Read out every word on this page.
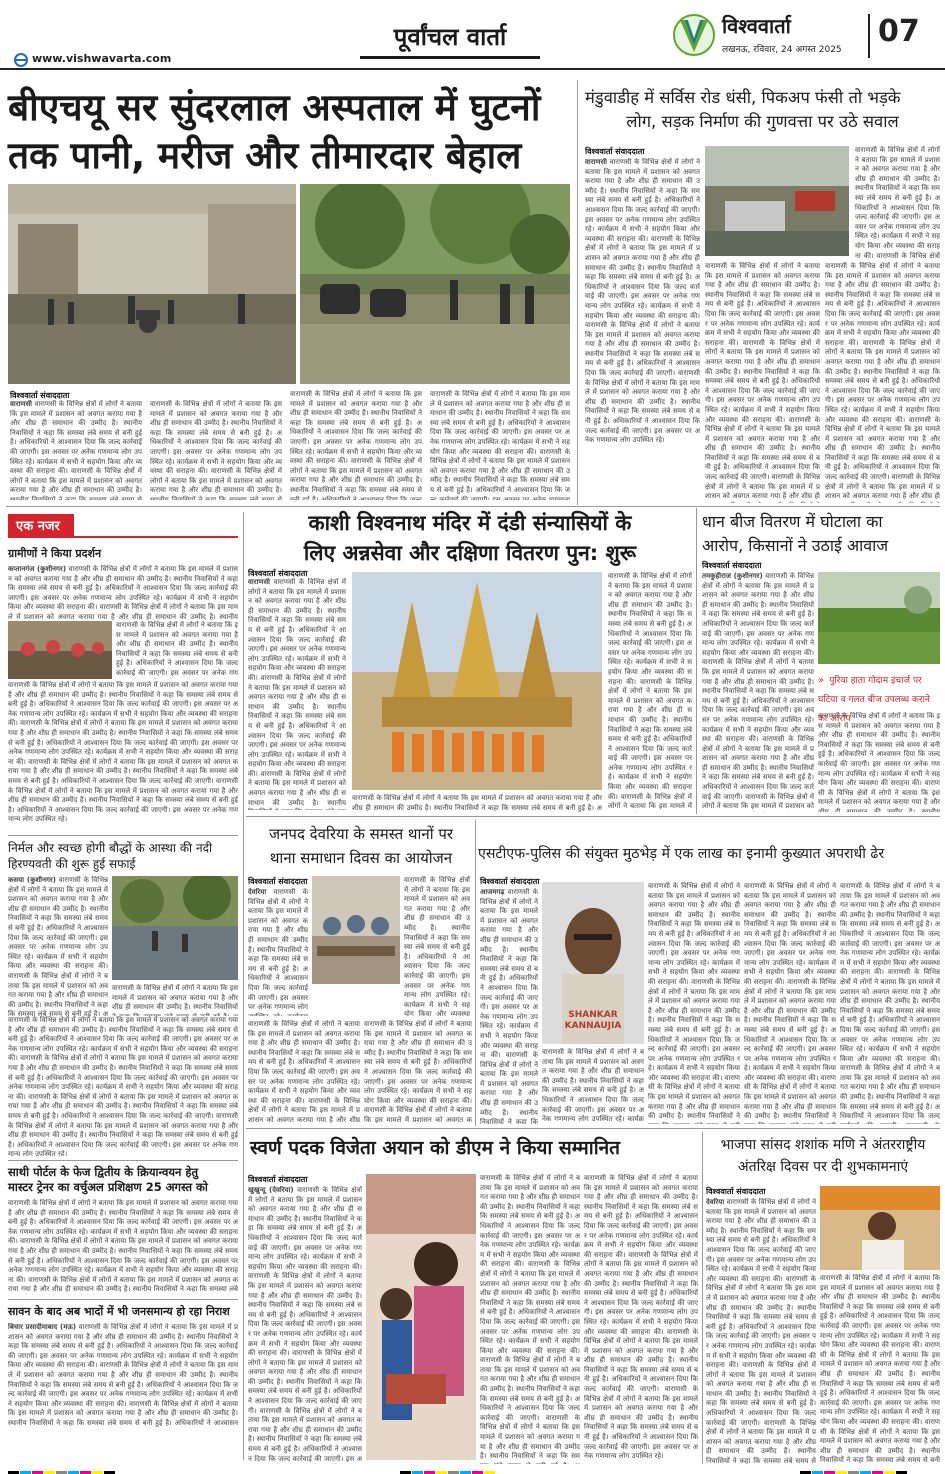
पूर्वांचल वार्ता
www.vishwavarta.com
विश्ववार्ता
लखनऊ, रविवार, 24 अगस्त 2025
07
बीएचयू सर सुंदरलाल अस्पताल में घुटनों
तक पानी, मरीज और तीमारदार बेहाल
विश्ववार्ता संवाददाता
वाराणसी वाराणसी के विभिन्न क्षेत्रों में लोगों ने बताया कि इस मामले में प्रशासन को अवगत कराया गया है और शीघ्र ही समाधान की उम्मीद है। स्थानीय निवासियों ने कहा कि समस्या लंबे समय से बनी हुई है। अधिकारियों ने आश्वासन दिया कि जल्द कार्रवाई की जाएगी। इस अवसर पर अनेक गणमान्य लोग उपस्थित रहे। कार्यक्रम में सभी ने सहयोग किया और व्यवस्था की सराहना की। वाराणसी के विभिन्न क्षेत्रों में लोगों ने बताया कि इस मामले में प्रशासन को अवगत कराया गया है और शीघ्र ही समाधान की उम्मीद है। स्थानीय निवासियों ने कहा कि समस्या लंबे समय से बनी हुई है। अधिकारियों ने आश्वासन दिया कि जल्द कार्रवाई की जाएगी। इस अवसर पर अनेक गणमान्य लोग उपस्थित रहे। कार्यक्रम में सभी ने सहयोग किया और व्यवस्था की सराहना की। वाराणसी के विभिन्न क्षेत्रों में लोगों ने बताया कि इस मामले में प्रशासन को अवगत कराया गया है और शीघ्र ही समाधान की उम्मीद है। स्थानीय निवासियों ने कहा कि समस्या लंबे समय से बनी हुई है। अधिकारियों ने आश्वासन दिया कि जल्द कार्रवाई की जाएगी। वाराणसी के विभिन्न क्षेत्रों में लोगों ने बताया कि इस मामले में प्रशासन को अवगत कराया गया है और शीघ्र ही समाधान की उम्मीद है। स्थानीय निवासियों ने कहा कि समस्या लंबे समय से बनी हुई है। अधिकारियों ने आश्वासन दिया कि जल्द कार्रवाई की जाएगी। इस अवसर पर अनेक गणमान्य लोग उपस्थित रहे।
वाराणसी के विभिन्न क्षेत्रों में लोगों ने बताया कि इस मामले में प्रशासन को अवगत कराया गया है और शीघ्र ही समाधान की उम्मीद है। स्थानीय निवासियों ने कहा कि समस्या लंबे समय से बनी हुई है। अधिकारियों ने आश्वासन दिया कि जल्द कार्रवाई की जाएगी। इस अवसर पर अनेक गणमान्य लोग उपस्थित रहे। कार्यक्रम में सभी ने सहयोग किया और व्यवस्था की सराहना की। वाराणसी के विभिन्न क्षेत्रों में लोगों ने बताया कि इस मामले में प्रशासन को अवगत कराया गया है और शीघ्र ही समाधान की उम्मीद है। स्थानीय निवासियों ने कहा कि समस्या लंबे समय से बनी हुई है। अधिकारियों ने आश्वासन दिया कि जल्द कार्रवाई की जाएगी। इस अवसर पर अनेक गणमान्य लोग उपस्थित रहे। कार्यक्रम में सभी ने सहयोग किया और व्यवस्था की सराहना की। वाराणसी के विभिन्न क्षेत्रों में लोगों ने बताया कि इस मामले में प्रशासन को अवगत कराया गया है और शीघ्र ही समाधान की उम्मीद है। स्थानीय निवासियों ने कहा कि समस्या लंबे समय से बनी हुई है। अधिकारियों ने आश्वासन दिया कि जल्द कार्रवाई की जाएगी। वाराणसी के विभिन्न क्षेत्रों में लोगों ने बताया कि इस मामले में प्रशासन को अवगत कराया गया है और शीघ्र ही समाधान की उम्मीद है। स्थानीय निवासियों ने कहा कि समस्या लंबे समय से बनी हुई है। अधिकारियों ने आश्वासन दिया कि जल्द कार्रवाई की जाएगी। इस अवसर पर अनेक गणमान्य लोग उपस्थित रहे।
वाराणसी के विभिन्न क्षेत्रों में लोगों ने बताया कि इस मामले में प्रशासन को अवगत कराया गया है और शीघ्र ही समाधान की उम्मीद है। स्थानीय निवासियों ने कहा कि समस्या लंबे समय से बनी हुई है। अधिकारियों ने आश्वासन दिया कि जल्द कार्रवाई की जाएगी। इस अवसर पर अनेक गणमान्य लोग उपस्थित रहे। कार्यक्रम में सभी ने सहयोग किया और व्यवस्था की सराहना की। वाराणसी के विभिन्न क्षेत्रों में लोगों ने बताया कि इस मामले में प्रशासन को अवगत कराया गया है और शीघ्र ही समाधान की उम्मीद है। स्थानीय निवासियों ने कहा कि समस्या लंबे समय से बनी हुई है। अधिकारियों ने आश्वासन दिया कि जल्द कार्रवाई की जाएगी। इस अवसर पर अनेक गणमान्य लोग उपस्थित रहे। कार्यक्रम में सभी ने सहयोग किया और व्यवस्था की सराहना की। वाराणसी के विभिन्न क्षेत्रों में लोगों ने बताया कि इस मामले में प्रशासन को अवगत कराया गया है और शीघ्र ही समाधान की उम्मीद है। स्थानीय निवासियों ने कहा कि समस्या लंबे समय से बनी हुई है। अधिकारियों ने आश्वासन दिया कि जल्द कार्रवाई की जाएगी। वाराणसी के विभिन्न क्षेत्रों में लोगों ने बताया कि इस मामले में प्रशासन को अवगत कराया गया है और शीघ्र ही समाधान की उम्मीद है। स्थानीय निवासियों ने कहा कि समस्या लंबे समय से बनी हुई है। अधिकारियों ने आश्वासन दिया कि जल्द कार्रवाई की जाएगी। इस अवसर पर अनेक गणमान्य लोग उपस्थित रहे।
वाराणसी के विभिन्न क्षेत्रों में लोगों ने बताया कि इस मामले में प्रशासन को अवगत कराया गया है और शीघ्र ही समाधान की उम्मीद है। स्थानीय निवासियों ने कहा कि समस्या लंबे समय से बनी हुई है। अधिकारियों ने आश्वासन दिया कि जल्द कार्रवाई की जाएगी। इस अवसर पर अनेक गणमान्य लोग उपस्थित रहे। कार्यक्रम में सभी ने सहयोग किया और व्यवस्था की सराहना की। वाराणसी के विभिन्न क्षेत्रों में लोगों ने बताया कि इस मामले में प्रशासन को अवगत कराया गया है और शीघ्र ही समाधान की उम्मीद है। स्थानीय निवासियों ने कहा कि समस्या लंबे समय से बनी हुई है। अधिकारियों ने आश्वासन दिया कि जल्द कार्रवाई की जाएगी। इस अवसर पर अनेक गणमान्य लोग उपस्थित रहे। कार्यक्रम में सभी ने सहयोग किया और व्यवस्था की सराहना की। वाराणसी के विभिन्न क्षेत्रों में लोगों ने बताया कि इस मामले में प्रशासन को अवगत कराया गया है और शीघ्र ही समाधान की उम्मीद है। स्थानीय निवासियों ने कहा कि समस्या लंबे समय से बनी हुई है। अधिकारियों ने आश्वासन दिया कि जल्द कार्रवाई की जाएगी। वाराणसी के विभिन्न क्षेत्रों में लोगों ने बताया कि इस मामले में प्रशासन को अवगत कराया गया है और शीघ्र ही समाधान की उम्मीद है। स्थानीय निवासियों ने कहा कि समस्या लंबे समय से बनी हुई है। अधिकारियों ने आश्वासन दिया कि जल्द कार्रवाई की जाएगी। इस अवसर पर अनेक गणमान्य लोग उपस्थित रहे।
मंडुवाडीह में सर्विस रोड धंसी, पिकअप फंसी तो भड़के
लोग, सड़क निर्माण की गुणवत्ता पर उठे सवाल
विश्ववार्ता संवाददाता
वाराणसी वाराणसी के विभिन्न क्षेत्रों में लोगों ने बताया कि इस मामले में प्रशासन को अवगत कराया गया है और शीघ्र ही समाधान की उम्मीद है। स्थानीय निवासियों ने कहा कि समस्या लंबे समय से बनी हुई है। अधिकारियों ने आश्वासन दिया कि जल्द कार्रवाई की जाएगी। इस अवसर पर अनेक गणमान्य लोग उपस्थित रहे। कार्यक्रम में सभी ने सहयोग किया और व्यवस्था की सराहना की। वाराणसी के विभिन्न क्षेत्रों में लोगों ने बताया कि इस मामले में प्रशासन को अवगत कराया गया है और शीघ्र ही समाधान की उम्मीद है। स्थानीय निवासियों ने कहा कि समस्या लंबे समय से बनी हुई है। अधिकारियों ने आश्वासन दिया कि जल्द कार्रवाई की जाएगी। इस अवसर पर अनेक गणमान्य लोग उपस्थित रहे। कार्यक्रम में सभी ने सहयोग किया और व्यवस्था की सराहना की। वाराणसी के विभिन्न क्षेत्रों में लोगों ने बताया कि इस मामले में प्रशासन को अवगत कराया गया है और शीघ्र ही समाधान की उम्मीद है। स्थानीय निवासियों ने कहा कि समस्या लंबे समय से बनी हुई है। अधिकारियों ने आश्वासन दिया कि जल्द कार्रवाई की जाएगी। वाराणसी के विभिन्न क्षेत्रों में लोगों ने बताया कि इस मामले में प्रशासन को अवगत कराया गया है और शीघ्र ही समाधान की उम्मीद है। स्थानीय निवासियों ने कहा कि समस्या लंबे समय से बनी हुई है। अधिकारियों ने आश्वासन दिया कि जल्द कार्रवाई की जाएगी। इस अवसर पर अनेक गणमान्य लोग उपस्थित रहे।
वाराणसी के विभिन्न क्षेत्रों में लोगों ने बताया कि इस मामले में प्रशासन को अवगत कराया गया है और शीघ्र ही समाधान की उम्मीद है। स्थानीय निवासियों ने कहा कि समस्या लंबे समय से बनी हुई है। अधिकारियों ने आश्वासन दिया कि जल्द कार्रवाई की जाएगी। इस अवसर पर अनेक गणमान्य लोग उपस्थित रहे। कार्यक्रम में सभी ने सहयोग किया और व्यवस्था की सराहना की। वाराणसी के विभिन्न क्षेत्रों में लोगों ने बताया कि इस मामले में प्रशासन को अवगत कराया गया है और शीघ्र ही समाधान की उम्मीद है। स्थानीय निवासियों ने कहा कि समस्या लंबे समय से बनी हुई है। अधिकारियों ने आश्वासन दिया कि जल्द कार्रवाई की जाएगी। इस अवसर पर अनेक गणमान्य लोग उपस्थित रहे। कार्यक्रम में सभी ने सहयोग किया और व्यवस्था की सराहना की। वाराणसी के विभिन्न क्षेत्रों में लोगों ने बताया कि इस मामले में प्रशासन को अवगत कराया गया है और शीघ्र ही समाधान की उम्मीद है। स्थानीय निवासियों ने कहा कि समस्या लंबे समय से बनी हुई है। अधिकारियों ने आश्वासन दिया कि जल्द कार्रवाई की जाएगी। वाराणसी के विभिन्न क्षेत्रों में लोगों ने बताया कि इस मामले में प्रशासन को अवगत कराया गया है और शीघ्र ही समाधान की उम्मीद है। स्थानीय निवासियों ने कहा कि समस्या लंबे समय से बनी हुई है। अधिकारियों ने आश्वासन दिया कि जल्द कार्रवाई की जाएगी। इस अवसर पर अनेक गणमान्य लोग उपस्थित रहे।
वाराणसी के विभिन्न क्षेत्रों में लोगों ने बताया कि इस मामले में प्रशासन को अवगत कराया गया है और शीघ्र ही समाधान की उम्मीद है। स्थानीय निवासियों ने कहा कि समस्या लंबे समय से बनी हुई है। अधिकारियों ने आश्वासन दिया कि जल्द कार्रवाई की जाएगी। इस अवसर पर अनेक गणमान्य लोग उपस्थित रहे। कार्यक्रम में सभी ने सहयोग किया और व्यवस्था की सराहना की। वाराणसी के विभिन्न क्षेत्रों में लोगों ने बताया कि इस मामले में प्रशासन को अवगत कराया गया है और शीघ्र ही समाधान की उम्मीद है। स्थानीय निवासियों ने कहा कि समस्या लंबे समय से बनी हुई है। अधिकारियों ने आश्वासन दिया कि जल्द कार्रवाई की जाएगी। इस अवसर पर अनेक गणमान्य लोग उपस्थित रहे। कार्यक्रम में सभी ने सहयोग किया और व्यवस्था की सराहना की। वाराणसी के विभिन्न क्षेत्रों में लोगों ने बताया कि इस मामले में प्रशासन को अवगत कराया गया है और शीघ्र ही समाधान की उम्मीद है। स्थानीय निवासियों ने कहा कि समस्या लंबे समय से बनी हुई है। अधिकारियों ने आश्वासन दिया कि जल्द कार्रवाई की जाएगी। वाराणसी के विभिन्न क्षेत्रों में लोगों ने बताया कि इस मामले में प्रशासन को अवगत कराया गया है और शीघ्र ही समाधान की उम्मीद है। स्थानीय निवासियों ने कहा कि समस्या लंबे समय से बनी हुई है। अधिकारियों ने आश्वासन दिया कि जल्द कार्रवाई की जाएगी। इस अवसर पर अनेक गणमान्य लोग उपस्थित रहे।
वाराणसी के विभिन्न क्षेत्रों में लोगों ने बताया कि इस मामले में प्रशासन को अवगत कराया गया है और शीघ्र ही समाधान की उम्मीद है। स्थानीय निवासियों ने कहा कि समस्या लंबे समय से बनी हुई है। अधिकारियों ने आश्वासन दिया कि जल्द कार्रवाई की जाएगी। इस अवसर पर अनेक गणमान्य लोग उपस्थित रहे। कार्यक्रम में सभी ने सहयोग किया और व्यवस्था की सराहना की। वाराणसी के विभिन्न क्षेत्रों में लोगों ने बताया कि इस मामले में प्रशासन को अवगत कराया गया है और शीघ्र ही समाधान की उम्मीद है। स्थानीय निवासियों ने कहा कि समस्या लंबे समय से बनी हुई है। अधिकारियों ने आश्वासन दिया कि जल्द कार्रवाई की जाएगी। इस अवसर पर अनेक गणमान्य लोग उपस्थित रहे। कार्यक्रम में सभी ने सहयोग किया और व्यवस्था की सराहना की। वाराणसी के विभिन्न क्षेत्रों में लोगों ने बताया कि इस मामले में प्रशासन को अवगत कराया गया है और शीघ्र ही समाधान की उम्मीद है। स्थानीय निवासियों ने कहा कि समस्या लंबे समय से बनी हुई है। अधिकारियों ने आश्वासन दिया कि जल्द कार्रवाई की जाएगी। वाराणसी के विभिन्न क्षेत्रों में लोगों ने बताया कि इस मामले में प्रशासन को अवगत कराया गया है और शीघ्र ही समाधान की उम्मीद है। स्थानीय निवासियों ने कहा कि समस्या लंबे समय से बनी हुई है। अधिकारियों ने आश्वासन दिया कि जल्द कार्रवाई की जाएगी। इस अवसर पर अनेक गणमान्य लोग उपस्थित रहे।
एक नजर
ग्रामीणों ने किया प्रदर्शन
कप्तानगंज (कुशीनगर) वाराणसी के विभिन्न क्षेत्रों में लोगों ने बताया कि इस मामले में प्रशासन को अवगत कराया गया है और शीघ्र ही समाधान की उम्मीद है। स्थानीय निवासियों ने कहा कि समस्या लंबे समय से बनी हुई है। अधिकारियों ने आश्वासन दिया कि जल्द कार्रवाई की जाएगी। इस अवसर पर अनेक गणमान्य लोग उपस्थित रहे। कार्यक्रम में सभी ने सहयोग किया और व्यवस्था की सराहना की। वाराणसी के विभिन्न क्षेत्रों में लोगों ने बताया कि इस मामले में प्रशासन को अवगत कराया गया है और शीघ्र ही समाधान की उम्मीद है। स्थानीय निवासियों ने कहा कि समस्या लंबे समय से बनी हुई है। अधिकारियों ने आश्वासन दिया कि जल्द कार्रवाई की जाएगी। इस अवसर पर अनेक गणमान्य लोग उपस्थित रहे। कार्यक्रम में सभी ने सहयोग किया और व्यवस्था की सराहना की। वाराणसी के विभिन्न क्षेत्रों में लोगों ने बताया कि इस मामले में प्रशासन को अवगत कराया गया है और शीघ्र ही समाधान की उम्मीद है। स्थानीय निवासियों ने कहा कि समस्या लंबे समय से बनी हुई है। अधिकारियों ने आश्वासन दिया कि जल्द कार्रवाई की जाएगी। वाराणसी के विभिन्न क्षेत्रों में लोगों ने बताया कि इस मामले में प्रशासन को अवगत कराया गया है और शीघ्र ही समाधान की उम्मीद है। स्थानीय निवासियों ने कहा कि समस्या लंबे समय से बनी हुई है। अधिकारियों ने आश्वासन दिया कि जल्द कार्रवाई की जाएगी। इस अवसर पर अनेक गणमान्य लोग उपस्थित रहे।
वाराणसी के विभिन्न क्षेत्रों में लोगों ने बताया कि इस मामले में प्रशासन को अवगत कराया गया है और शीघ्र ही समाधान की उम्मीद है। स्थानीय निवासियों ने कहा कि समस्या लंबे समय से बनी हुई है। अधिकारियों ने आश्वासन दिया कि जल्द कार्रवाई की जाएगी। इस अवसर पर अनेक गणमान्य लोग उपस्थित रहे। कार्यक्रम में सभी ने सहयोग किया और व्यवस्था की सराहना की। वाराणसी के विभिन्न क्षेत्रों में लोगों ने बताया कि इस मामले में प्रशासन को अवगत कराया गया है और शीघ्र ही समाधान की उम्मीद है। स्थानीय निवासियों ने कहा कि समस्या लंबे समय से बनी हुई है। अधिकारियों ने आश्वासन दिया कि जल्द कार्रवाई की जाएगी। इस अवसर पर अनेक गणमान्य लोग उपस्थित रहे। कार्यक्रम में सभी ने सहयोग किया और व्यवस्था की सराहना की। वाराणसी के विभिन्न क्षेत्रों में लोगों ने बताया कि इस मामले में प्रशासन को अवगत कराया गया है और शीघ्र ही समाधान की उम्मीद है। स्थानीय निवासियों ने कहा कि समस्या लंबे समय से बनी हुई है। अधिकारियों ने आश्वासन दिया कि जल्द कार्रवाई की जाएगी। वाराणसी के विभिन्न क्षेत्रों में लोगों ने बताया कि इस मामले में प्रशासन को अवगत कराया गया है और शीघ्र ही समाधान की उम्मीद है। स्थानीय निवासियों ने कहा कि समस्या लंबे समय से बनी हुई है। अधिकारियों ने आश्वासन दिया कि जल्द कार्रवाई की जाएगी। इस अवसर पर अनेक गणमान्य लोग उपस्थित रहे।
वाराणसी के विभिन्न क्षेत्रों में लोगों ने बताया कि इस मामले में प्रशासन को अवगत कराया गया है और शीघ्र ही समाधान की उम्मीद है। स्थानीय निवासियों ने कहा कि समस्या लंबे समय से बनी हुई है। अधिकारियों ने आश्वासन दिया कि जल्द कार्रवाई की जाएगी। इस अवसर पर अनेक गणमान्य लोग उपस्थित रहे। कार्यक्रम में सभी ने सहयोग किया और व्यवस्था की सराहना की। वाराणसी के विभिन्न क्षेत्रों में लोगों ने बताया कि इस मामले में प्रशासन को अवगत कराया गया है और शीघ्र ही समाधान की उम्मीद है। स्थानीय निवासियों ने कहा कि समस्या लंबे समय से बनी हुई है। अधिकारियों ने आश्वासन दिया कि जल्द कार्रवाई की जाएगी। इस अवसर पर अनेक गणमान्य लोग उपस्थित रहे। कार्यक्रम में सभी ने सहयोग किया और व्यवस्था की सराहना की। वाराणसी के विभिन्न क्षेत्रों में लोगों ने बताया कि इस मामले में प्रशासन को अवगत कराया गया है और शीघ्र ही समाधान की उम्मीद है। स्थानीय निवासियों ने कहा कि समस्या लंबे समय से बनी हुई है। अधिकारियों ने आश्वासन दिया कि जल्द कार्रवाई की जाएगी। वाराणसी के विभिन्न क्षेत्रों में लोगों ने बताया कि इस मामले में प्रशासन को अवगत कराया गया है और शीघ्र ही समाधान की उम्मीद है। स्थानीय निवासियों ने कहा कि समस्या लंबे समय से बनी हुई है। अधिकारियों ने आश्वासन दिया कि जल्द कार्रवाई की जाएगी। इस अवसर पर अनेक गणमान्य लोग उपस्थित रहे।
निर्मल और स्वच्छ होगी बौद्धों के आस्था की नदी
हिरण्यवती की शुरू हुई सफाई
कसया (कुशीनगर) वाराणसी के विभिन्न क्षेत्रों में लोगों ने बताया कि इस मामले में प्रशासन को अवगत कराया गया है और शीघ्र ही समाधान की उम्मीद है। स्थानीय निवासियों ने कहा कि समस्या लंबे समय से बनी हुई है। अधिकारियों ने आश्वासन दिया कि जल्द कार्रवाई की जाएगी। इस अवसर पर अनेक गणमान्य लोग उपस्थित रहे। कार्यक्रम में सभी ने सहयोग किया और व्यवस्था की सराहना की। वाराणसी के विभिन्न क्षेत्रों में लोगों ने बताया कि इस मामले में प्रशासन को अवगत कराया गया है और शीघ्र ही समाधान की उम्मीद है। स्थानीय निवासियों ने कहा कि समस्या लंबे समय से बनी हुई है। अधिकारियों ने आश्वासन दिया कि जल्द कार्रवाई की जाएगी। इस अवसर पर अनेक गणमान्य लोग उपस्थित रहे। कार्यक्रम में सभी ने सहयोग किया और व्यवस्था की सराहना की। वाराणसी के विभिन्न क्षेत्रों में लोगों ने बताया कि इस मामले में प्रशासन को अवगत कराया गया है और शीघ्र ही समाधान की उम्मीद है। स्थानीय निवासियों ने कहा कि समस्या लंबे समय से बनी हुई है। अधिकारियों ने आश्वासन दिया कि जल्द कार्रवाई की जाएगी। वाराणसी के विभिन्न क्षेत्रों में लोगों ने बताया कि इस मामले में प्रशासन को अवगत कराया गया है और शीघ्र ही समाधान की उम्मीद है। स्थानीय निवासियों ने कहा कि समस्या लंबे समय से बनी हुई है। अधिकारियों ने आश्वासन दिया कि जल्द कार्रवाई की जाएगी। इस अवसर पर अनेक गणमान्य लोग उपस्थित रहे।
वाराणसी के विभिन्न क्षेत्रों में लोगों ने बताया कि इस मामले में प्रशासन को अवगत कराया गया है और शीघ्र ही समाधान की उम्मीद है। स्थानीय निवासियों ने कहा कि समस्या लंबे समय से बनी हुई है। अधिकारियों ने आश्वासन दिया कि जल्द कार्रवाई की जाएगी। इस अवसर पर अनेक गणमान्य लोग उपस्थित रहे। कार्यक्रम में सभी ने सहयोग किया और व्यवस्था की सराहना की। वाराणसी के विभिन्न क्षेत्रों में लोगों ने बताया कि इस मामले में प्रशासन को अवगत कराया गया है और शीघ्र ही समाधान की उम्मीद है। स्थानीय निवासियों ने कहा कि समस्या लंबे समय से बनी हुई है। अधिकारियों ने आश्वासन दिया कि जल्द कार्रवाई की जाएगी। इस अवसर पर अनेक गणमान्य लोग उपस्थित रहे। कार्यक्रम में सभी ने सहयोग किया और व्यवस्था की सराहना की। वाराणसी के विभिन्न क्षेत्रों में लोगों ने बताया कि इस मामले में प्रशासन को अवगत कराया गया है और शीघ्र ही समाधान की उम्मीद है। स्थानीय निवासियों ने कहा कि समस्या लंबे समय से बनी हुई है। अधिकारियों ने आश्वासन दिया कि जल्द कार्रवाई की जाएगी। वाराणसी के विभिन्न क्षेत्रों में लोगों ने बताया कि इस मामले में प्रशासन को अवगत कराया गया है और शीघ्र ही समाधान की उम्मीद है। स्थानीय निवासियों ने कहा कि समस्या लंबे समय से बनी हुई है। अधिकारियों ने आश्वासन दिया कि जल्द कार्रवाई की जाएगी। इस अवसर पर अनेक गणमान्य लोग उपस्थित रहे।
वाराणसी के विभिन्न क्षेत्रों में लोगों ने बताया कि इस मामले में प्रशासन को अवगत कराया गया है और शीघ्र ही समाधान की उम्मीद है। स्थानीय निवासियों ने कहा कि समस्या लंबे समय से बनी हुई है। अधिकारियों ने आश्वासन दिया कि जल्द कार्रवाई की जाएगी। इस अवसर पर अनेक गणमान्य लोग उपस्थित रहे। कार्यक्रम में सभी ने सहयोग किया और व्यवस्था की सराहना की। वाराणसी के विभिन्न क्षेत्रों में लोगों ने बताया कि इस मामले में प्रशासन को अवगत कराया गया है और शीघ्र ही समाधान की उम्मीद है। स्थानीय निवासियों ने कहा कि समस्या लंबे समय से बनी हुई है। अधिकारियों ने आश्वासन दिया कि जल्द कार्रवाई की जाएगी। इस अवसर पर अनेक गणमान्य लोग उपस्थित रहे। कार्यक्रम में सभी ने सहयोग किया और व्यवस्था की सराहना की। वाराणसी के विभिन्न क्षेत्रों में लोगों ने बताया कि इस मामले में प्रशासन को अवगत कराया गया है और शीघ्र ही समाधान की उम्मीद है। स्थानीय निवासियों ने कहा कि समस्या लंबे समय से बनी हुई है। अधिकारियों ने आश्वासन दिया कि जल्द कार्रवाई की जाएगी। वाराणसी के विभिन्न क्षेत्रों में लोगों ने बताया कि इस मामले में प्रशासन को अवगत कराया गया है और शीघ्र ही समाधान की उम्मीद है। स्थानीय निवासियों ने कहा कि समस्या लंबे समय से बनी हुई है। अधिकारियों ने आश्वासन दिया कि जल्द कार्रवाई की जाएगी। इस अवसर पर अनेक गणमान्य लोग उपस्थित रहे।
साथी पोर्टल के फेज द्वितीय के क्रियान्वयन हेतु
मास्टर ट्रेनर का वर्चुअल प्रशिक्षण 25 अगस्त को
वाराणसी के विभिन्न क्षेत्रों में लोगों ने बताया कि इस मामले में प्रशासन को अवगत कराया गया है और शीघ्र ही समाधान की उम्मीद है। स्थानीय निवासियों ने कहा कि समस्या लंबे समय से बनी हुई है। अधिकारियों ने आश्वासन दिया कि जल्द कार्रवाई की जाएगी। इस अवसर पर अनेक गणमान्य लोग उपस्थित रहे। कार्यक्रम में सभी ने सहयोग किया और व्यवस्था की सराहना की। वाराणसी के विभिन्न क्षेत्रों में लोगों ने बताया कि इस मामले में प्रशासन को अवगत कराया गया है और शीघ्र ही समाधान की उम्मीद है। स्थानीय निवासियों ने कहा कि समस्या लंबे समय से बनी हुई है। अधिकारियों ने आश्वासन दिया कि जल्द कार्रवाई की जाएगी। इस अवसर पर अनेक गणमान्य लोग उपस्थित रहे। कार्यक्रम में सभी ने सहयोग किया और व्यवस्था की सराहना की। वाराणसी के विभिन्न क्षेत्रों में लोगों ने बताया कि इस मामले में प्रशासन को अवगत कराया गया है और शीघ्र ही समाधान की उम्मीद है। स्थानीय निवासियों ने कहा कि समस्या लंबे समय से बनी हुई है। अधिकारियों ने आश्वासन दिया कि जल्द कार्रवाई की जाएगी। वाराणसी के विभिन्न क्षेत्रों में लोगों ने बताया कि इस मामले में प्रशासन को अवगत कराया गया है और शीघ्र ही समाधान की उम्मीद है। स्थानीय निवासियों ने कहा कि समस्या लंबे समय से बनी हुई है। अधिकारियों ने आश्वासन दिया कि जल्द कार्रवाई की जाएगी। इस अवसर पर अनेक गणमान्य लोग उपस्थित रहे।
सावन के बाद अब भादों में भी जनसमान्य हो रहा निराश
बिचार प्रसादीमाबाद (मऊ) वाराणसी के विभिन्न क्षेत्रों में लोगों ने बताया कि इस मामले में प्रशासन को अवगत कराया गया है और शीघ्र ही समाधान की उम्मीद है। स्थानीय निवासियों ने कहा कि समस्या लंबे समय से बनी हुई है। अधिकारियों ने आश्वासन दिया कि जल्द कार्रवाई की जाएगी। इस अवसर पर अनेक गणमान्य लोग उपस्थित रहे। कार्यक्रम में सभी ने सहयोग किया और व्यवस्था की सराहना की। वाराणसी के विभिन्न क्षेत्रों में लोगों ने बताया कि इस मामले में प्रशासन को अवगत कराया गया है और शीघ्र ही समाधान की उम्मीद है। स्थानीय निवासियों ने कहा कि समस्या लंबे समय से बनी हुई है। अधिकारियों ने आश्वासन दिया कि जल्द कार्रवाई की जाएगी। इस अवसर पर अनेक गणमान्य लोग उपस्थित रहे। कार्यक्रम में सभी ने सहयोग किया और व्यवस्था की सराहना की। वाराणसी के विभिन्न क्षेत्रों में लोगों ने बताया कि इस मामले में प्रशासन को अवगत कराया गया है और शीघ्र ही समाधान की उम्मीद है। स्थानीय निवासियों ने कहा कि समस्या लंबे समय से बनी हुई है। अधिकारियों ने आश्वासन दिया कि जल्द कार्रवाई की जाएगी। वाराणसी के विभिन्न क्षेत्रों में लोगों ने बताया कि इस मामले में प्रशासन को अवगत कराया गया है और शीघ्र ही समाधान की उम्मीद है। स्थानीय निवासियों ने कहा कि समस्या लंबे समय से बनी हुई है। अधिकारियों ने आश्वासन दिया कि जल्द कार्रवाई की जाएगी। इस अवसर पर अनेक गणमान्य लोग उपस्थित रहे।
काशी विश्वनाथ मंदिर में दंडी संन्यासियों के
लिए अन्नसेवा और दक्षिणा वितरण पुन: शुरू
विश्ववार्ता संवाददाता
वाराणसी वाराणसी के विभिन्न क्षेत्रों में लोगों ने बताया कि इस मामले में प्रशासन को अवगत कराया गया है और शीघ्र ही समाधान की उम्मीद है। स्थानीय निवासियों ने कहा कि समस्या लंबे समय से बनी हुई है। अधिकारियों ने आश्वासन दिया कि जल्द कार्रवाई की जाएगी। इस अवसर पर अनेक गणमान्य लोग उपस्थित रहे। कार्यक्रम में सभी ने सहयोग किया और व्यवस्था की सराहना की। वाराणसी के विभिन्न क्षेत्रों में लोगों ने बताया कि इस मामले में प्रशासन को अवगत कराया गया है और शीघ्र ही समाधान की उम्मीद है। स्थानीय निवासियों ने कहा कि समस्या लंबे समय से बनी हुई है। अधिकारियों ने आश्वासन दिया कि जल्द कार्रवाई की जाएगी। इस अवसर पर अनेक गणमान्य लोग उपस्थित रहे। कार्यक्रम में सभी ने सहयोग किया और व्यवस्था की सराहना की। वाराणसी के विभिन्न क्षेत्रों में लोगों ने बताया कि इस मामले में प्रशासन को अवगत कराया गया है और शीघ्र ही समाधान की उम्मीद है। स्थानीय निवासियों ने कहा कि समस्या लंबे समय से बनी हुई है। अधिकारियों ने आश्वासन दिया कि जल्द कार्रवाई की जाएगी। वाराणसी के विभिन्न क्षेत्रों में लोगों ने बताया कि इस मामले में प्रशासन को अवगत कराया गया है और शीघ्र ही समाधान की उम्मीद है। स्थानीय निवासियों ने कहा कि समस्या लंबे समय से बनी हुई है। अधिकारियों ने आश्वासन दिया कि जल्द कार्रवाई की जाएगी। इस अवसर पर अनेक गणमान्य लोग उपस्थित रहे।
वाराणसी के विभिन्न क्षेत्रों में लोगों ने बताया कि इस मामले में प्रशासन को अवगत कराया गया है और शीघ्र ही समाधान की उम्मीद है। स्थानीय निवासियों ने कहा कि समस्या लंबे समय से बनी हुई है। अधिकारियों ने आश्वासन दिया कि जल्द कार्रवाई की जाएगी। इस अवसर पर अनेक गणमान्य लोग उपस्थित रहे। कार्यक्रम में सभी ने सहयोग किया और व्यवस्था की सराहना की। वाराणसी के विभिन्न क्षेत्रों में लोगों ने बताया कि इस मामले में प्रशासन को अवगत कराया गया है और शीघ्र ही समाधान की उम्मीद है। स्थानीय निवासियों ने कहा कि समस्या लंबे समय से बनी हुई है। अधिकारियों ने आश्वासन दिया कि जल्द कार्रवाई की जाएगी। इस अवसर पर अनेक गणमान्य लोग उपस्थित रहे। कार्यक्रम में सभी ने सहयोग किया और व्यवस्था की सराहना की। वाराणसी के विभिन्न क्षेत्रों में लोगों ने बताया कि इस मामले में प्रशासन को अवगत कराया गया है और शीघ्र ही समाधान की उम्मीद है। स्थानीय निवासियों ने कहा कि समस्या लंबे समय से बनी हुई है। अधिकारियों ने आश्वासन दिया कि जल्द कार्रवाई की जाएगी। वाराणसी के विभिन्न क्षेत्रों में लोगों ने बताया कि इस मामले में प्रशासन को अवगत कराया गया है और शीघ्र ही समाधान की उम्मीद है। स्थानीय निवासियों ने कहा कि समस्या लंबे समय से बनी हुई है। अधिकारियों ने आश्वासन दिया कि जल्द कार्रवाई की जाएगी। इस अवसर पर अनेक गणमान्य लोग उपस्थित रहे।
वाराणसी के विभिन्न क्षेत्रों में लोगों ने बताया कि इस मामले में प्रशासन को अवगत कराया गया है और शीघ्र ही समाधान की उम्मीद है। स्थानीय निवासियों ने कहा कि समस्या लंबे समय से बनी हुई है। अधिकारियों ने आश्वासन दिया कि जल्द कार्रवाई की जाएगी। इस अवसर पर अनेक गणमान्य लोग उपस्थित रहे। कार्यक्रम में सभी ने सहयोग किया और व्यवस्था की सराहना की। वाराणसी के विभिन्न क्षेत्रों में लोगों ने बताया कि इस मामले में प्रशासन को अवगत कराया गया है और शीघ्र ही समाधान की उम्मीद है। स्थानीय निवासियों ने कहा कि समस्या लंबे समय से बनी हुई है। अधिकारियों ने आश्वासन दिया कि जल्द कार्रवाई की जाएगी। इस अवसर पर अनेक गणमान्य लोग उपस्थित रहे। कार्यक्रम में सभी ने सहयोग किया और व्यवस्था की सराहना की। वाराणसी के विभिन्न क्षेत्रों में लोगों ने बताया कि इस मामले में प्रशासन को अवगत कराया गया है और शीघ्र ही समाधान की उम्मीद है। स्थानीय निवासियों ने कहा कि समस्या लंबे समय से बनी हुई है। अधिकारियों ने आश्वासन दिया कि जल्द कार्रवाई की जाएगी। वाराणसी के विभिन्न क्षेत्रों में लोगों ने बताया कि इस मामले में प्रशासन को अवगत कराया गया है और शीघ्र ही समाधान की उम्मीद है। स्थानीय निवासियों ने कहा कि समस्या लंबे समय से बनी हुई है। अधिकारियों ने आश्वासन दिया कि जल्द कार्रवाई की जाएगी। इस अवसर पर अनेक गणमान्य लोग उपस्थित रहे।
धान बीज वितरण में घोटाला का
आरोप, किसानों ने उठाई आवाज
विश्ववार्ता संवाददाता
तमकुहीराज (कुशीनगर) वाराणसी के विभिन्न क्षेत्रों में लोगों ने बताया कि इस मामले में प्रशासन को अवगत कराया गया है और शीघ्र ही समाधान की उम्मीद है। स्थानीय निवासियों ने कहा कि समस्या लंबे समय से बनी हुई है। अधिकारियों ने आश्वासन दिया कि जल्द कार्रवाई की जाएगी। इस अवसर पर अनेक गणमान्य लोग उपस्थित रहे। कार्यक्रम में सभी ने सहयोग किया और व्यवस्था की सराहना की। वाराणसी के विभिन्न क्षेत्रों में लोगों ने बताया कि इस मामले में प्रशासन को अवगत कराया गया है और शीघ्र ही समाधान की उम्मीद है। स्थानीय निवासियों ने कहा कि समस्या लंबे समय से बनी हुई है। अधिकारियों ने आश्वासन दिया कि जल्द कार्रवाई की जाएगी। इस अवसर पर अनेक गणमान्य लोग उपस्थित रहे। कार्यक्रम में सभी ने सहयोग किया और व्यवस्था की सराहना की। वाराणसी के विभिन्न क्षेत्रों में लोगों ने बताया कि इस मामले में प्रशासन को अवगत कराया गया है और शीघ्र ही समाधान की उम्मीद है। स्थानीय निवासियों ने कहा कि समस्या लंबे समय से बनी हुई है। अधिकारियों ने आश्वासन दिया कि जल्द कार्रवाई की जाएगी। वाराणसी के विभिन्न क्षेत्रों में लोगों ने बताया कि इस मामले में प्रशासन को अवगत कराया गया है और शीघ्र ही समाधान की उम्मीद है। स्थानीय निवासियों ने कहा कि समस्या लंबे समय से बनी हुई है। अधिकारियों ने आश्वासन दिया कि जल्द कार्रवाई की जाएगी। इस अवसर पर अनेक गणमान्य लोग उपस्थित रहे।
» पुरिया हाता गोदाम इंचार्ज पर घटिया व गलत बीज उपलब्ध कराने का आरोप
वाराणसी के विभिन्न क्षेत्रों में लोगों ने बताया कि इस मामले में प्रशासन को अवगत कराया गया है और शीघ्र ही समाधान की उम्मीद है। स्थानीय निवासियों ने कहा कि समस्या लंबे समय से बनी हुई है। अधिकारियों ने आश्वासन दिया कि जल्द कार्रवाई की जाएगी। इस अवसर पर अनेक गणमान्य लोग उपस्थित रहे। कार्यक्रम में सभी ने सहयोग किया और व्यवस्था की सराहना की। वाराणसी के विभिन्न क्षेत्रों में लोगों ने बताया कि इस मामले में प्रशासन को अवगत कराया गया है और शीघ्र ही समाधान की उम्मीद है। स्थानीय निवासियों ने कहा कि समस्या लंबे समय से बनी हुई है। अधिकारियों ने आश्वासन दिया कि जल्द कार्रवाई की जाएगी। इस अवसर पर अनेक गणमान्य लोग उपस्थित रहे। कार्यक्रम में सभी ने सहयोग किया और व्यवस्था की सराहना की। वाराणसी के विभिन्न क्षेत्रों में लोगों ने बताया कि इस मामले में प्रशासन को अवगत कराया गया है और शीघ्र ही समाधान की उम्मीद है। स्थानीय निवासियों ने कहा कि समस्या लंबे समय से बनी हुई है। अधिकारियों ने आश्वासन दिया कि जल्द कार्रवाई की जाएगी। वाराणसी के विभिन्न क्षेत्रों में लोगों ने बताया कि इस मामले में प्रशासन को अवगत कराया गया है और शीघ्र ही समाधान की उम्मीद है। स्थानीय निवासियों ने कहा कि समस्या लंबे समय से बनी हुई है। अधिकारियों ने आश्वासन दिया कि जल्द कार्रवाई की जाएगी। इस अवसर पर अनेक गणमान्य लोग उपस्थित रहे।
जनपद देवरिया के समस्त थानों पर
थाना समाधान दिवस का आयोजन
विश्ववार्ता संवाददाता
देवरिया वाराणसी के विभिन्न क्षेत्रों में लोगों ने बताया कि इस मामले में प्रशासन को अवगत कराया गया है और शीघ्र ही समाधान की उम्मीद है। स्थानीय निवासियों ने कहा कि समस्या लंबे समय से बनी हुई है। अधिकारियों ने आश्वासन दिया कि जल्द कार्रवाई की जाएगी। इस अवसर पर अनेक गणमान्य लोग उपस्थित रहे। कार्यक्रम में सभी ने सहयोग किया और व्यवस्था की सराहना की। वाराणसी के विभिन्न क्षेत्रों में लोगों ने बताया कि इस मामले में प्रशासन को अवगत कराया गया है और शीघ्र ही समाधान की उम्मीद है। स्थानीय निवासियों ने कहा कि समस्या लंबे समय से बनी हुई है। अधिकारियों ने आश्वासन दिया कि जल्द कार्रवाई की जाएगी। इस अवसर पर अनेक गणमान्य लोग उपस्थित रहे। कार्यक्रम में सभी ने सहयोग किया और व्यवस्था की सराहना की। वाराणसी के विभिन्न क्षेत्रों में लोगों ने बताया कि इस मामले में प्रशासन को अवगत कराया गया है और शीघ्र ही समाधान की उम्मीद है। स्थानीय निवासियों ने कहा कि समस्या लंबे समय से बनी हुई है। अधिकारियों ने आश्वासन दिया कि जल्द कार्रवाई की जाएगी। वाराणसी के विभिन्न क्षेत्रों में लोगों ने बताया कि इस मामले में प्रशासन को अवगत कराया गया है और शीघ्र ही समाधान की उम्मीद है। स्थानीय निवासियों ने कहा कि समस्या लंबे समय से बनी हुई है। अधिकारियों ने आश्वासन दिया कि जल्द कार्रवाई की जाएगी। इस अवसर पर अनेक गणमान्य लोग उपस्थित रहे।
वाराणसी के विभिन्न क्षेत्रों में लोगों ने बताया कि इस मामले में प्रशासन को अवगत कराया गया है और शीघ्र ही समाधान की उम्मीद है। स्थानीय निवासियों ने कहा कि समस्या लंबे समय से बनी हुई है। अधिकारियों ने आश्वासन दिया कि जल्द कार्रवाई की जाएगी। इस अवसर पर अनेक गणमान्य लोग उपस्थित रहे। कार्यक्रम में सभी ने सहयोग किया और व्यवस्था की सराहना की। वाराणसी के विभिन्न क्षेत्रों में लोगों ने बताया कि इस मामले में प्रशासन को अवगत कराया गया है और शीघ्र ही समाधान की उम्मीद है। स्थानीय निवासियों ने कहा कि समस्या लंबे समय से बनी हुई है। अधिकारियों ने आश्वासन दिया कि जल्द कार्रवाई की जाएगी। इस अवसर पर अनेक गणमान्य लोग उपस्थित रहे। कार्यक्रम में सभी ने सहयोग किया और व्यवस्था की सराहना की। वाराणसी के विभिन्न क्षेत्रों में लोगों ने बताया कि इस मामले में प्रशासन को अवगत कराया गया है और शीघ्र ही समाधान की उम्मीद है। स्थानीय निवासियों ने कहा कि समस्या लंबे समय से बनी हुई है। अधिकारियों ने आश्वासन दिया कि जल्द कार्रवाई की जाएगी। वाराणसी के विभिन्न क्षेत्रों में लोगों ने बताया कि इस मामले में प्रशासन को अवगत कराया गया है और शीघ्र ही समाधान की उम्मीद है। स्थानीय निवासियों ने कहा कि समस्या लंबे समय से बनी हुई है। अधिकारियों ने आश्वासन दिया कि जल्द कार्रवाई की जाएगी। इस अवसर पर अनेक गणमान्य लोग उपस्थित रहे।
वाराणसी के विभिन्न क्षेत्रों में लोगों ने बताया कि इस मामले में प्रशासन को अवगत कराया गया है और शीघ्र ही समाधान की उम्मीद है। स्थानीय निवासियों ने कहा कि समस्या लंबे समय से बनी हुई है। अधिकारियों ने आश्वासन दिया कि जल्द कार्रवाई की जाएगी। इस अवसर पर अनेक गणमान्य लोग उपस्थित रहे। कार्यक्रम में सभी ने सहयोग किया और व्यवस्था की सराहना की। वाराणसी के विभिन्न क्षेत्रों में लोगों ने बताया कि इस मामले में प्रशासन को अवगत कराया गया है और शीघ्र ही समाधान की उम्मीद है। स्थानीय निवासियों ने कहा कि समस्या लंबे समय से बनी हुई है। अधिकारियों ने आश्वासन दिया कि जल्द कार्रवाई की जाएगी। इस अवसर पर अनेक गणमान्य लोग उपस्थित रहे। कार्यक्रम में सभी ने सहयोग किया और व्यवस्था की सराहना की। वाराणसी के विभिन्न क्षेत्रों में लोगों ने बताया कि इस मामले में प्रशासन को अवगत कराया गया है और शीघ्र ही समाधान की उम्मीद है। स्थानीय निवासियों ने कहा कि समस्या लंबे समय से बनी हुई है। अधिकारियों ने आश्वासन दिया कि जल्द कार्रवाई की जाएगी। वाराणसी के विभिन्न क्षेत्रों में लोगों ने बताया कि इस मामले में प्रशासन को अवगत कराया गया है और शीघ्र ही समाधान की उम्मीद है। स्थानीय निवासियों ने कहा कि समस्या लंबे समय से बनी हुई है। अधिकारियों ने आश्वासन दिया कि जल्द कार्रवाई की जाएगी। इस अवसर पर अनेक गणमान्य लोग उपस्थित रहे।
वाराणसी के विभिन्न क्षेत्रों में लोगों ने बताया कि इस मामले में प्रशासन को अवगत कराया गया है और शीघ्र ही समाधान की उम्मीद है। स्थानीय निवासियों ने कहा कि समस्या लंबे समय से बनी हुई है। अधिकारियों ने आश्वासन दिया कि जल्द कार्रवाई की जाएगी। इस अवसर पर अनेक गणमान्य लोग उपस्थित रहे। कार्यक्रम में सभी ने सहयोग किया और व्यवस्था की सराहना की। वाराणसी के विभिन्न क्षेत्रों में लोगों ने बताया कि इस मामले में प्रशासन को अवगत कराया गया है और शीघ्र ही समाधान की उम्मीद है। स्थानीय निवासियों ने कहा कि समस्या लंबे समय से बनी हुई है। अधिकारियों ने आश्वासन दिया कि जल्द कार्रवाई की जाएगी। इस अवसर पर अनेक गणमान्य लोग उपस्थित रहे। कार्यक्रम में सभी ने सहयोग किया और व्यवस्था की सराहना की। वाराणसी के विभिन्न क्षेत्रों में लोगों ने बताया कि इस मामले में प्रशासन को अवगत कराया गया है और शीघ्र ही समाधान की उम्मीद है। स्थानीय निवासियों ने कहा कि समस्या लंबे समय से बनी हुई है। अधिकारियों ने आश्वासन दिया कि जल्द कार्रवाई की जाएगी। वाराणसी के विभिन्न क्षेत्रों में लोगों ने बताया कि इस मामले में प्रशासन को अवगत कराया गया है और शीघ्र ही समाधान की उम्मीद है। स्थानीय निवासियों ने कहा कि समस्या लंबे समय से बनी हुई है। अधिकारियों ने आश्वासन दिया कि जल्द कार्रवाई की जाएगी। इस अवसर पर अनेक गणमान्य लोग उपस्थित रहे।
एसटीएफ-पुलिस की संयुक्त मुठभेड़ में एक लाख का इनामी कुख्यात अपराधी ढेर
विश्ववार्ता संवाददाता
आजमगढ़ वाराणसी के विभिन्न क्षेत्रों में लोगों ने बताया कि इस मामले में प्रशासन को अवगत कराया गया है और शीघ्र ही समाधान की उम्मीद है। स्थानीय निवासियों ने कहा कि समस्या लंबे समय से बनी हुई है। अधिकारियों ने आश्वासन दिया कि जल्द कार्रवाई की जाएगी। इस अवसर पर अनेक गणमान्य लोग उपस्थित रहे। कार्यक्रम में सभी ने सहयोग किया और व्यवस्था की सराहना की। वाराणसी के विभिन्न क्षेत्रों में लोगों ने बताया कि इस मामले में प्रशासन को अवगत कराया गया है और शीघ्र ही समाधान की उम्मीद है। स्थानीय निवासियों ने कहा कि समस्या लंबे समय से बनी हुई है। अधिकारियों ने आश्वासन दिया कि जल्द कार्रवाई की जाएगी। इस अवसर पर अनेक गणमान्य लोग उपस्थित रहे। कार्यक्रम में सभी ने सहयोग किया और व्यवस्था की सराहना की। वाराणसी के विभिन्न क्षेत्रों में लोगों ने बताया कि इस मामले में प्रशासन को अवगत कराया गया है और शीघ्र ही समाधान की उम्मीद है। स्थानीय निवासियों ने कहा कि समस्या लंबे समय से बनी हुई है। अधिकारियों ने आश्वासन दिया कि जल्द कार्रवाई की जाएगी। वाराणसी के विभिन्न क्षेत्रों में लोगों ने बताया कि इस मामले में प्रशासन को अवगत कराया गया है और शीघ्र ही समाधान की उम्मीद है। स्थानीय निवासियों ने कहा कि समस्या लंबे समय से बनी हुई है। अधिकारियों ने आश्वासन दिया कि जल्द कार्रवाई की जाएगी। इस अवसर पर अनेक गणमान्य लोग उपस्थित रहे।
SHANKAR
KANNAUJIA
वाराणसी के विभिन्न क्षेत्रों में लोगों ने बताया कि इस मामले में प्रशासन को अवगत कराया गया है और शीघ्र ही समाधान की उम्मीद है। स्थानीय निवासियों ने कहा कि समस्या लंबे समय से बनी हुई है। अधिकारियों ने आश्वासन दिया कि जल्द कार्रवाई की जाएगी। इस अवसर पर अनेक गणमान्य लोग उपस्थित रहे। कार्यक्रम में सभी ने सहयोग किया और व्यवस्था की सराहना की। वाराणसी के विभिन्न क्षेत्रों में लोगों ने बताया कि इस मामले में प्रशासन को अवगत कराया गया है और शीघ्र ही समाधान की उम्मीद है। स्थानीय निवासियों ने कहा कि समस्या लंबे समय से बनी हुई है। अधिकारियों ने आश्वासन दिया कि जल्द कार्रवाई की जाएगी। इस अवसर पर अनेक गणमान्य लोग उपस्थित रहे। कार्यक्रम में सभी ने सहयोग किया और व्यवस्था की सराहना की। वाराणसी के विभिन्न क्षेत्रों में लोगों ने बताया कि इस मामले में प्रशासन को अवगत कराया गया है और शीघ्र ही समाधान की उम्मीद है। स्थानीय निवासियों ने कहा कि समस्या लंबे समय से बनी हुई है। अधिकारियों ने आश्वासन दिया कि जल्द कार्रवाई की जाएगी। वाराणसी के विभिन्न क्षेत्रों में लोगों ने बताया कि इस मामले में प्रशासन को अवगत कराया गया है और शीघ्र ही समाधान की उम्मीद है। स्थानीय निवासियों ने कहा कि समस्या लंबे समय से बनी हुई है। अधिकारियों ने आश्वासन दिया कि जल्द कार्रवाई की जाएगी। इस अवसर पर अनेक गणमान्य लोग उपस्थित रहे।
वाराणसी के विभिन्न क्षेत्रों में लोगों ने बताया कि इस मामले में प्रशासन को अवगत कराया गया है और शीघ्र ही समाधान की उम्मीद है। स्थानीय निवासियों ने कहा कि समस्या लंबे समय से बनी हुई है। अधिकारियों ने आश्वासन दिया कि जल्द कार्रवाई की जाएगी। इस अवसर पर अनेक गणमान्य लोग उपस्थित रहे। कार्यक्रम में सभी ने सहयोग किया और व्यवस्था की सराहना की। वाराणसी के विभिन्न क्षेत्रों में लोगों ने बताया कि इस मामले में प्रशासन को अवगत कराया गया है और शीघ्र ही समाधान की उम्मीद है। स्थानीय निवासियों ने कहा कि समस्या लंबे समय से बनी हुई है। अधिकारियों ने आश्वासन दिया कि जल्द कार्रवाई की जाएगी। इस अवसर पर अनेक गणमान्य लोग उपस्थित रहे। कार्यक्रम में सभी ने सहयोग किया और व्यवस्था की सराहना की। वाराणसी के विभिन्न क्षेत्रों में लोगों ने बताया कि इस मामले में प्रशासन को अवगत कराया गया है और शीघ्र ही समाधान की उम्मीद है। स्थानीय निवासियों ने कहा कि समस्या लंबे समय से बनी हुई है। अधिकारियों ने आश्वासन दिया कि जल्द कार्रवाई की जाएगी। वाराणसी के विभिन्न क्षेत्रों में लोगों ने बताया कि इस मामले में प्रशासन को अवगत कराया गया है और शीघ्र ही समाधान की उम्मीद है। स्थानीय निवासियों ने कहा कि समस्या लंबे समय से बनी हुई है। अधिकारियों ने आश्वासन दिया कि जल्द कार्रवाई की जाएगी। इस अवसर पर अनेक गणमान्य लोग उपस्थित रहे।
वाराणसी के विभिन्न क्षेत्रों में लोगों ने बताया कि इस मामले में प्रशासन को अवगत कराया गया है और शीघ्र ही समाधान की उम्मीद है। स्थानीय निवासियों ने कहा कि समस्या लंबे समय से बनी हुई है। अधिकारियों ने आश्वासन दिया कि जल्द कार्रवाई की जाएगी। इस अवसर पर अनेक गणमान्य लोग उपस्थित रहे। कार्यक्रम में सभी ने सहयोग किया और व्यवस्था की सराहना की। वाराणसी के विभिन्न क्षेत्रों में लोगों ने बताया कि इस मामले में प्रशासन को अवगत कराया गया है और शीघ्र ही समाधान की उम्मीद है। स्थानीय निवासियों ने कहा कि समस्या लंबे समय से बनी हुई है। अधिकारियों ने आश्वासन दिया कि जल्द कार्रवाई की जाएगी। इस अवसर पर अनेक गणमान्य लोग उपस्थित रहे। कार्यक्रम में सभी ने सहयोग किया और व्यवस्था की सराहना की। वाराणसी के विभिन्न क्षेत्रों में लोगों ने बताया कि इस मामले में प्रशासन को अवगत कराया गया है और शीघ्र ही समाधान की उम्मीद है। स्थानीय निवासियों ने कहा कि समस्या लंबे समय से बनी हुई है। अधिकारियों ने आश्वासन दिया कि जल्द कार्रवाई की जाएगी। वाराणसी के विभिन्न क्षेत्रों में लोगों ने बताया कि इस मामले में प्रशासन को अवगत कराया गया है और शीघ्र ही समाधान की उम्मीद है। स्थानीय निवासियों ने कहा कि समस्या लंबे समय से बनी हुई है। अधिकारियों ने आश्वासन दिया कि जल्द कार्रवाई की जाएगी। इस अवसर पर अनेक गणमान्य लोग उपस्थित रहे।
वाराणसी के विभिन्न क्षेत्रों में लोगों ने बताया कि इस मामले में प्रशासन को अवगत कराया गया है और शीघ्र ही समाधान की उम्मीद है। स्थानीय निवासियों ने कहा कि समस्या लंबे समय से बनी हुई है। अधिकारियों ने आश्वासन दिया कि जल्द कार्रवाई की जाएगी। इस अवसर पर अनेक गणमान्य लोग उपस्थित रहे। कार्यक्रम में सभी ने सहयोग किया और व्यवस्था की सराहना की। वाराणसी के विभिन्न क्षेत्रों में लोगों ने बताया कि इस मामले में प्रशासन को अवगत कराया गया है और शीघ्र ही समाधान की उम्मीद है। स्थानीय निवासियों ने कहा कि समस्या लंबे समय से बनी हुई है। अधिकारियों ने आश्वासन दिया कि जल्द कार्रवाई की जाएगी। इस अवसर पर अनेक गणमान्य लोग उपस्थित रहे। कार्यक्रम में सभी ने सहयोग किया और व्यवस्था की सराहना की। वाराणसी के विभिन्न क्षेत्रों में लोगों ने बताया कि इस मामले में प्रशासन को अवगत कराया गया है और शीघ्र ही समाधान की उम्मीद है। स्थानीय निवासियों ने कहा कि समस्या लंबे समय से बनी हुई है। अधिकारियों ने आश्वासन दिया कि जल्द कार्रवाई की जाएगी। वाराणसी के विभिन्न क्षेत्रों में लोगों ने बताया कि इस मामले में प्रशासन को अवगत कराया गया है और शीघ्र ही समाधान की उम्मीद है। स्थानीय निवासियों ने कहा कि समस्या लंबे समय से बनी हुई है। अधिकारियों ने आश्वासन दिया कि जल्द कार्रवाई की जाएगी। इस अवसर पर अनेक गणमान्य लोग उपस्थित रहे।
स्वर्ण पदक विजेता अयान को डीएम ने किया सम्मानित
विश्ववार्ता संवाददाता
खुखुन्दू (देवरिया) वाराणसी के विभिन्न क्षेत्रों में लोगों ने बताया कि इस मामले में प्रशासन को अवगत कराया गया है और शीघ्र ही समाधान की उम्मीद है। स्थानीय निवासियों ने कहा कि समस्या लंबे समय से बनी हुई है। अधिकारियों ने आश्वासन दिया कि जल्द कार्रवाई की जाएगी। इस अवसर पर अनेक गणमान्य लोग उपस्थित रहे। कार्यक्रम में सभी ने सहयोग किया और व्यवस्था की सराहना की। वाराणसी के विभिन्न क्षेत्रों में लोगों ने बताया कि इस मामले में प्रशासन को अवगत कराया गया है और शीघ्र ही समाधान की उम्मीद है। स्थानीय निवासियों ने कहा कि समस्या लंबे समय से बनी हुई है। अधिकारियों ने आश्वासन दिया कि जल्द कार्रवाई की जाएगी। इस अवसर पर अनेक गणमान्य लोग उपस्थित रहे। कार्यक्रम में सभी ने सहयोग किया और व्यवस्था की सराहना की। वाराणसी के विभिन्न क्षेत्रों में लोगों ने बताया कि इस मामले में प्रशासन को अवगत कराया गया है और शीघ्र ही समाधान की उम्मीद है। स्थानीय निवासियों ने कहा कि समस्या लंबे समय से बनी हुई है। अधिकारियों ने आश्वासन दिया कि जल्द कार्रवाई की जाएगी। वाराणसी के विभिन्न क्षेत्रों में लोगों ने बताया कि इस मामले में प्रशासन को अवगत कराया गया है और शीघ्र ही समाधान की उम्मीद है। स्थानीय निवासियों ने कहा कि समस्या लंबे समय से बनी हुई है। अधिकारियों ने आश्वासन दिया कि जल्द कार्रवाई की जाएगी। इस अवसर पर अनेक गणमान्य लोग उपस्थित रहे।
वाराणसी के विभिन्न क्षेत्रों में लोगों ने बताया कि इस मामले में प्रशासन को अवगत कराया गया है और शीघ्र ही समाधान की उम्मीद है। स्थानीय निवासियों ने कहा कि समस्या लंबे समय से बनी हुई है। अधिकारियों ने आश्वासन दिया कि जल्द कार्रवाई की जाएगी। इस अवसर पर अनेक गणमान्य लोग उपस्थित रहे। कार्यक्रम में सभी ने सहयोग किया और व्यवस्था की सराहना की। वाराणसी के विभिन्न क्षेत्रों में लोगों ने बताया कि इस मामले में प्रशासन को अवगत कराया गया है और शीघ्र ही समाधान की उम्मीद है। स्थानीय निवासियों ने कहा कि समस्या लंबे समय से बनी हुई है। अधिकारियों ने आश्वासन दिया कि जल्द कार्रवाई की जाएगी। इस अवसर पर अनेक गणमान्य लोग उपस्थित रहे। कार्यक्रम में सभी ने सहयोग किया और व्यवस्था की सराहना की। वाराणसी के विभिन्न क्षेत्रों में लोगों ने बताया कि इस मामले में प्रशासन को अवगत कराया गया है और शीघ्र ही समाधान की उम्मीद है। स्थानीय निवासियों ने कहा कि समस्या लंबे समय से बनी हुई है। अधिकारियों ने आश्वासन दिया कि जल्द कार्रवाई की जाएगी। वाराणसी के विभिन्न क्षेत्रों में लोगों ने बताया कि इस मामले में प्रशासन को अवगत कराया गया है और शीघ्र ही समाधान की उम्मीद है। स्थानीय निवासियों ने कहा कि समस्या लंबे समय से बनी हुई है। अधिकारियों ने आश्वासन दिया कि जल्द कार्रवाई की जाएगी। इस अवसर पर अनेक गणमान्य लोग उपस्थित रहे।
वाराणसी के विभिन्न क्षेत्रों में लोगों ने बताया कि इस मामले में प्रशासन को अवगत कराया गया है और शीघ्र ही समाधान की उम्मीद है। स्थानीय निवासियों ने कहा कि समस्या लंबे समय से बनी हुई है। अधिकारियों ने आश्वासन दिया कि जल्द कार्रवाई की जाएगी। इस अवसर पर अनेक गणमान्य लोग उपस्थित रहे। कार्यक्रम में सभी ने सहयोग किया और व्यवस्था की सराहना की। वाराणसी के विभिन्न क्षेत्रों में लोगों ने बताया कि इस मामले में प्रशासन को अवगत कराया गया है और शीघ्र ही समाधान की उम्मीद है। स्थानीय निवासियों ने कहा कि समस्या लंबे समय से बनी हुई है। अधिकारियों ने आश्वासन दिया कि जल्द कार्रवाई की जाएगी। इस अवसर पर अनेक गणमान्य लोग उपस्थित रहे। कार्यक्रम में सभी ने सहयोग किया और व्यवस्था की सराहना की। वाराणसी के विभिन्न क्षेत्रों में लोगों ने बताया कि इस मामले में प्रशासन को अवगत कराया गया है और शीघ्र ही समाधान की उम्मीद है। स्थानीय निवासियों ने कहा कि समस्या लंबे समय से बनी हुई है। अधिकारियों ने आश्वासन दिया कि जल्द कार्रवाई की जाएगी। वाराणसी के विभिन्न क्षेत्रों में लोगों ने बताया कि इस मामले में प्रशासन को अवगत कराया गया है और शीघ्र ही समाधान की उम्मीद है। स्थानीय निवासियों ने कहा कि समस्या लंबे समय से बनी हुई है। अधिकारियों ने आश्वासन दिया कि जल्द कार्रवाई की जाएगी। इस अवसर पर अनेक गणमान्य लोग उपस्थित रहे।
भाजपा सांसद शशांक मणि ने अंतरराष्ट्रीय
अंतरिक्ष दिवस पर दी शुभकामनाएं
विश्ववार्ता संवाददाता
देवरिया वाराणसी के विभिन्न क्षेत्रों में लोगों ने बताया कि इस मामले में प्रशासन को अवगत कराया गया है और शीघ्र ही समाधान की उम्मीद है। स्थानीय निवासियों ने कहा कि समस्या लंबे समय से बनी हुई है। अधिकारियों ने आश्वासन दिया कि जल्द कार्रवाई की जाएगी। इस अवसर पर अनेक गणमान्य लोग उपस्थित रहे। कार्यक्रम में सभी ने सहयोग किया और व्यवस्था की सराहना की। वाराणसी के विभिन्न क्षेत्रों में लोगों ने बताया कि इस मामले में प्रशासन को अवगत कराया गया है और शीघ्र ही समाधान की उम्मीद है। स्थानीय निवासियों ने कहा कि समस्या लंबे समय से बनी हुई है। अधिकारियों ने आश्वासन दिया कि जल्द कार्रवाई की जाएगी। इस अवसर पर अनेक गणमान्य लोग उपस्थित रहे। कार्यक्रम में सभी ने सहयोग किया और व्यवस्था की सराहना की। वाराणसी के विभिन्न क्षेत्रों में लोगों ने बताया कि इस मामले में प्रशासन को अवगत कराया गया है और शीघ्र ही समाधान की उम्मीद है। स्थानीय निवासियों ने कहा कि समस्या लंबे समय से बनी हुई है। अधिकारियों ने आश्वासन दिया कि जल्द कार्रवाई की जाएगी। वाराणसी के विभिन्न क्षेत्रों में लोगों ने बताया कि इस मामले में प्रशासन को अवगत कराया गया है और शीघ्र ही समाधान की उम्मीद है। स्थानीय निवासियों ने कहा कि समस्या लंबे समय से बनी हुई है। अधिकारियों ने आश्वासन दिया कि जल्द कार्रवाई की जाएगी। इस अवसर पर अनेक गणमान्य लोग उपस्थित रहे।
वाराणसी के विभिन्न क्षेत्रों में लोगों ने बताया कि इस मामले में प्रशासन को अवगत कराया गया है और शीघ्र ही समाधान की उम्मीद है। स्थानीय निवासियों ने कहा कि समस्या लंबे समय से बनी हुई है। अधिकारियों ने आश्वासन दिया कि जल्द कार्रवाई की जाएगी। इस अवसर पर अनेक गणमान्य लोग उपस्थित रहे। कार्यक्रम में सभी ने सहयोग किया और व्यवस्था की सराहना की। वाराणसी के विभिन्न क्षेत्रों में लोगों ने बताया कि इस मामले में प्रशासन को अवगत कराया गया है और शीघ्र ही समाधान की उम्मीद है। स्थानीय निवासियों ने कहा कि समस्या लंबे समय से बनी हुई है। अधिकारियों ने आश्वासन दिया कि जल्द कार्रवाई की जाएगी। इस अवसर पर अनेक गणमान्य लोग उपस्थित रहे। कार्यक्रम में सभी ने सहयोग किया और व्यवस्था की सराहना की। वाराणसी के विभिन्न क्षेत्रों में लोगों ने बताया कि इस मामले में प्रशासन को अवगत कराया गया है और शीघ्र ही समाधान की उम्मीद है। स्थानीय निवासियों ने कहा कि समस्या लंबे समय से बनी हुई है। अधिकारियों ने आश्वासन दिया कि जल्द कार्रवाई की जाएगी। वाराणसी के विभिन्न क्षेत्रों में लोगों ने बताया कि इस मामले में प्रशासन को अवगत कराया गया है और शीघ्र ही समाधान की उम्मीद है। स्थानीय निवासियों ने कहा कि समस्या लंबे समय से बनी हुई है। अधिकारियों ने आश्वासन दिया कि जल्द कार्रवाई की जाएगी। इस अवसर पर अनेक गणमान्य लोग उपस्थित रहे।
